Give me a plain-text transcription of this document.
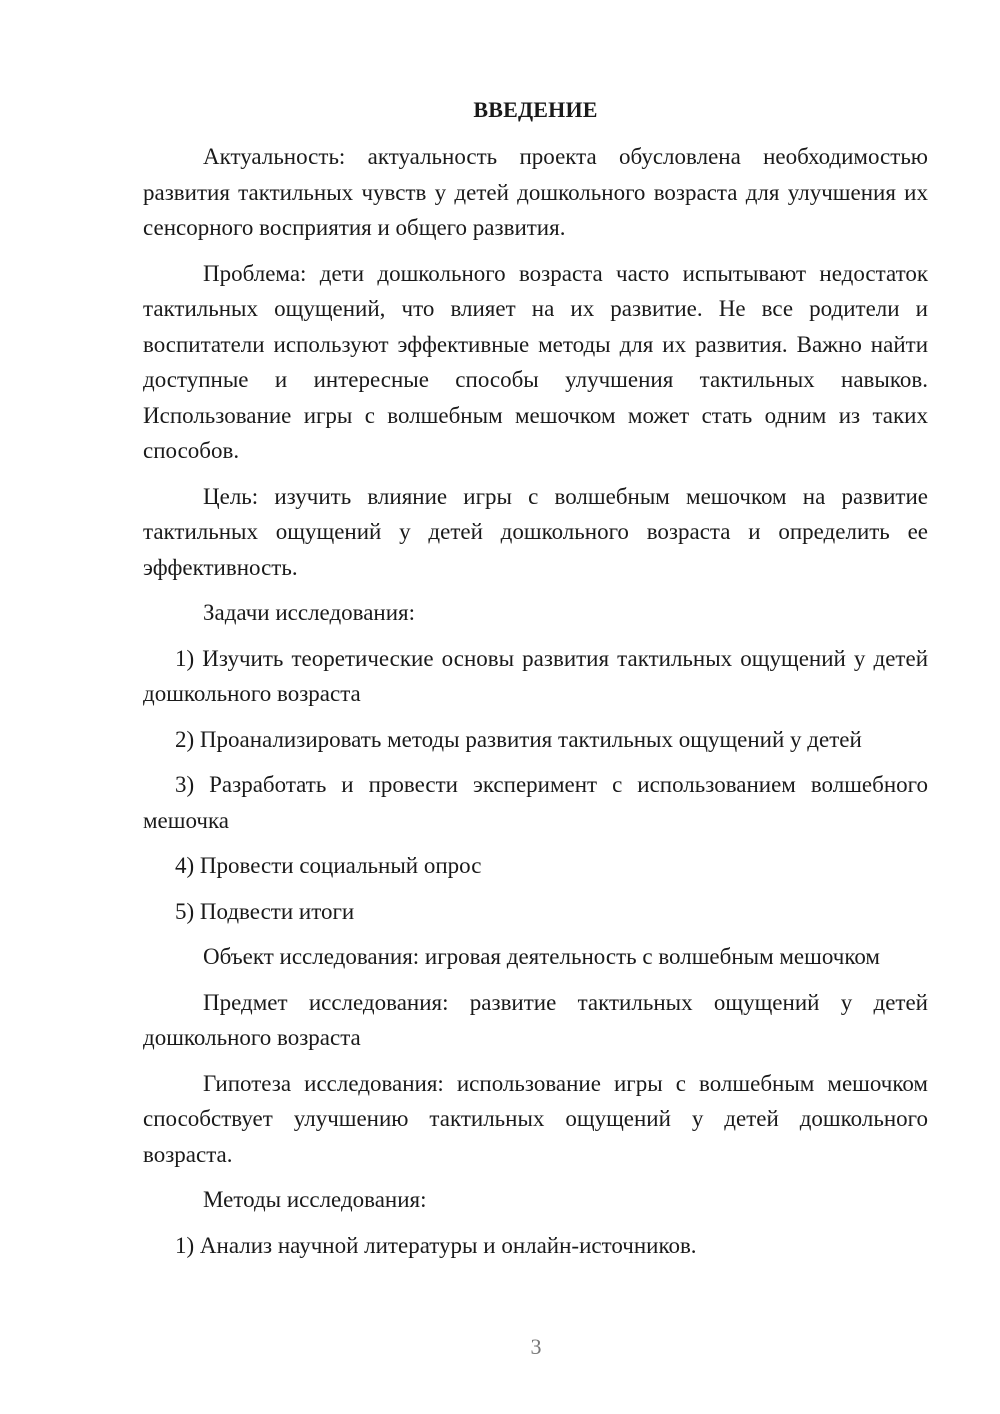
ВВЕДЕНИЕ

Актуальность: актуальность проекта обусловлена необходимостью развития тактильных чувств у детей дошкольного возраста для улучшения их сенсорного восприятия и общего развития.

Проблема: дети дошкольного возраста часто испытывают недостаток тактильных ощущений, что влияет на их развитие. Не все родители и воспитатели используют эффективные методы для их развития. Важно найти доступные и интересные способы улучшения тактильных навыков. Использование игры с волшебным мешочком может стать одним из таких способов.

Цель: изучить влияние игры с волшебным мешочком на развитие тактильных ощущений у детей дошкольного возраста и определить ее эффективность.

Задачи исследования:

1) Изучить теоретические основы развития тактильных ощущений у детей дошкольного возраста

2) Проанализировать методы развития тактильных ощущений у детей

3) Разработать и провести эксперимент с использованием волшебного мешочка

4) Провести социальный опрос

5) Подвести итоги

Объект исследования: игровая деятельность с волшебным мешочком

Предмет исследования: развитие тактильных ощущений у детей дошкольного возраста

Гипотеза исследования: использование игры с волшебным мешочком способствует улучшению тактильных ощущений у детей дошкольного возраста.

Методы исследования:

1) Анализ научной литературы и онлайн-источников.

3
